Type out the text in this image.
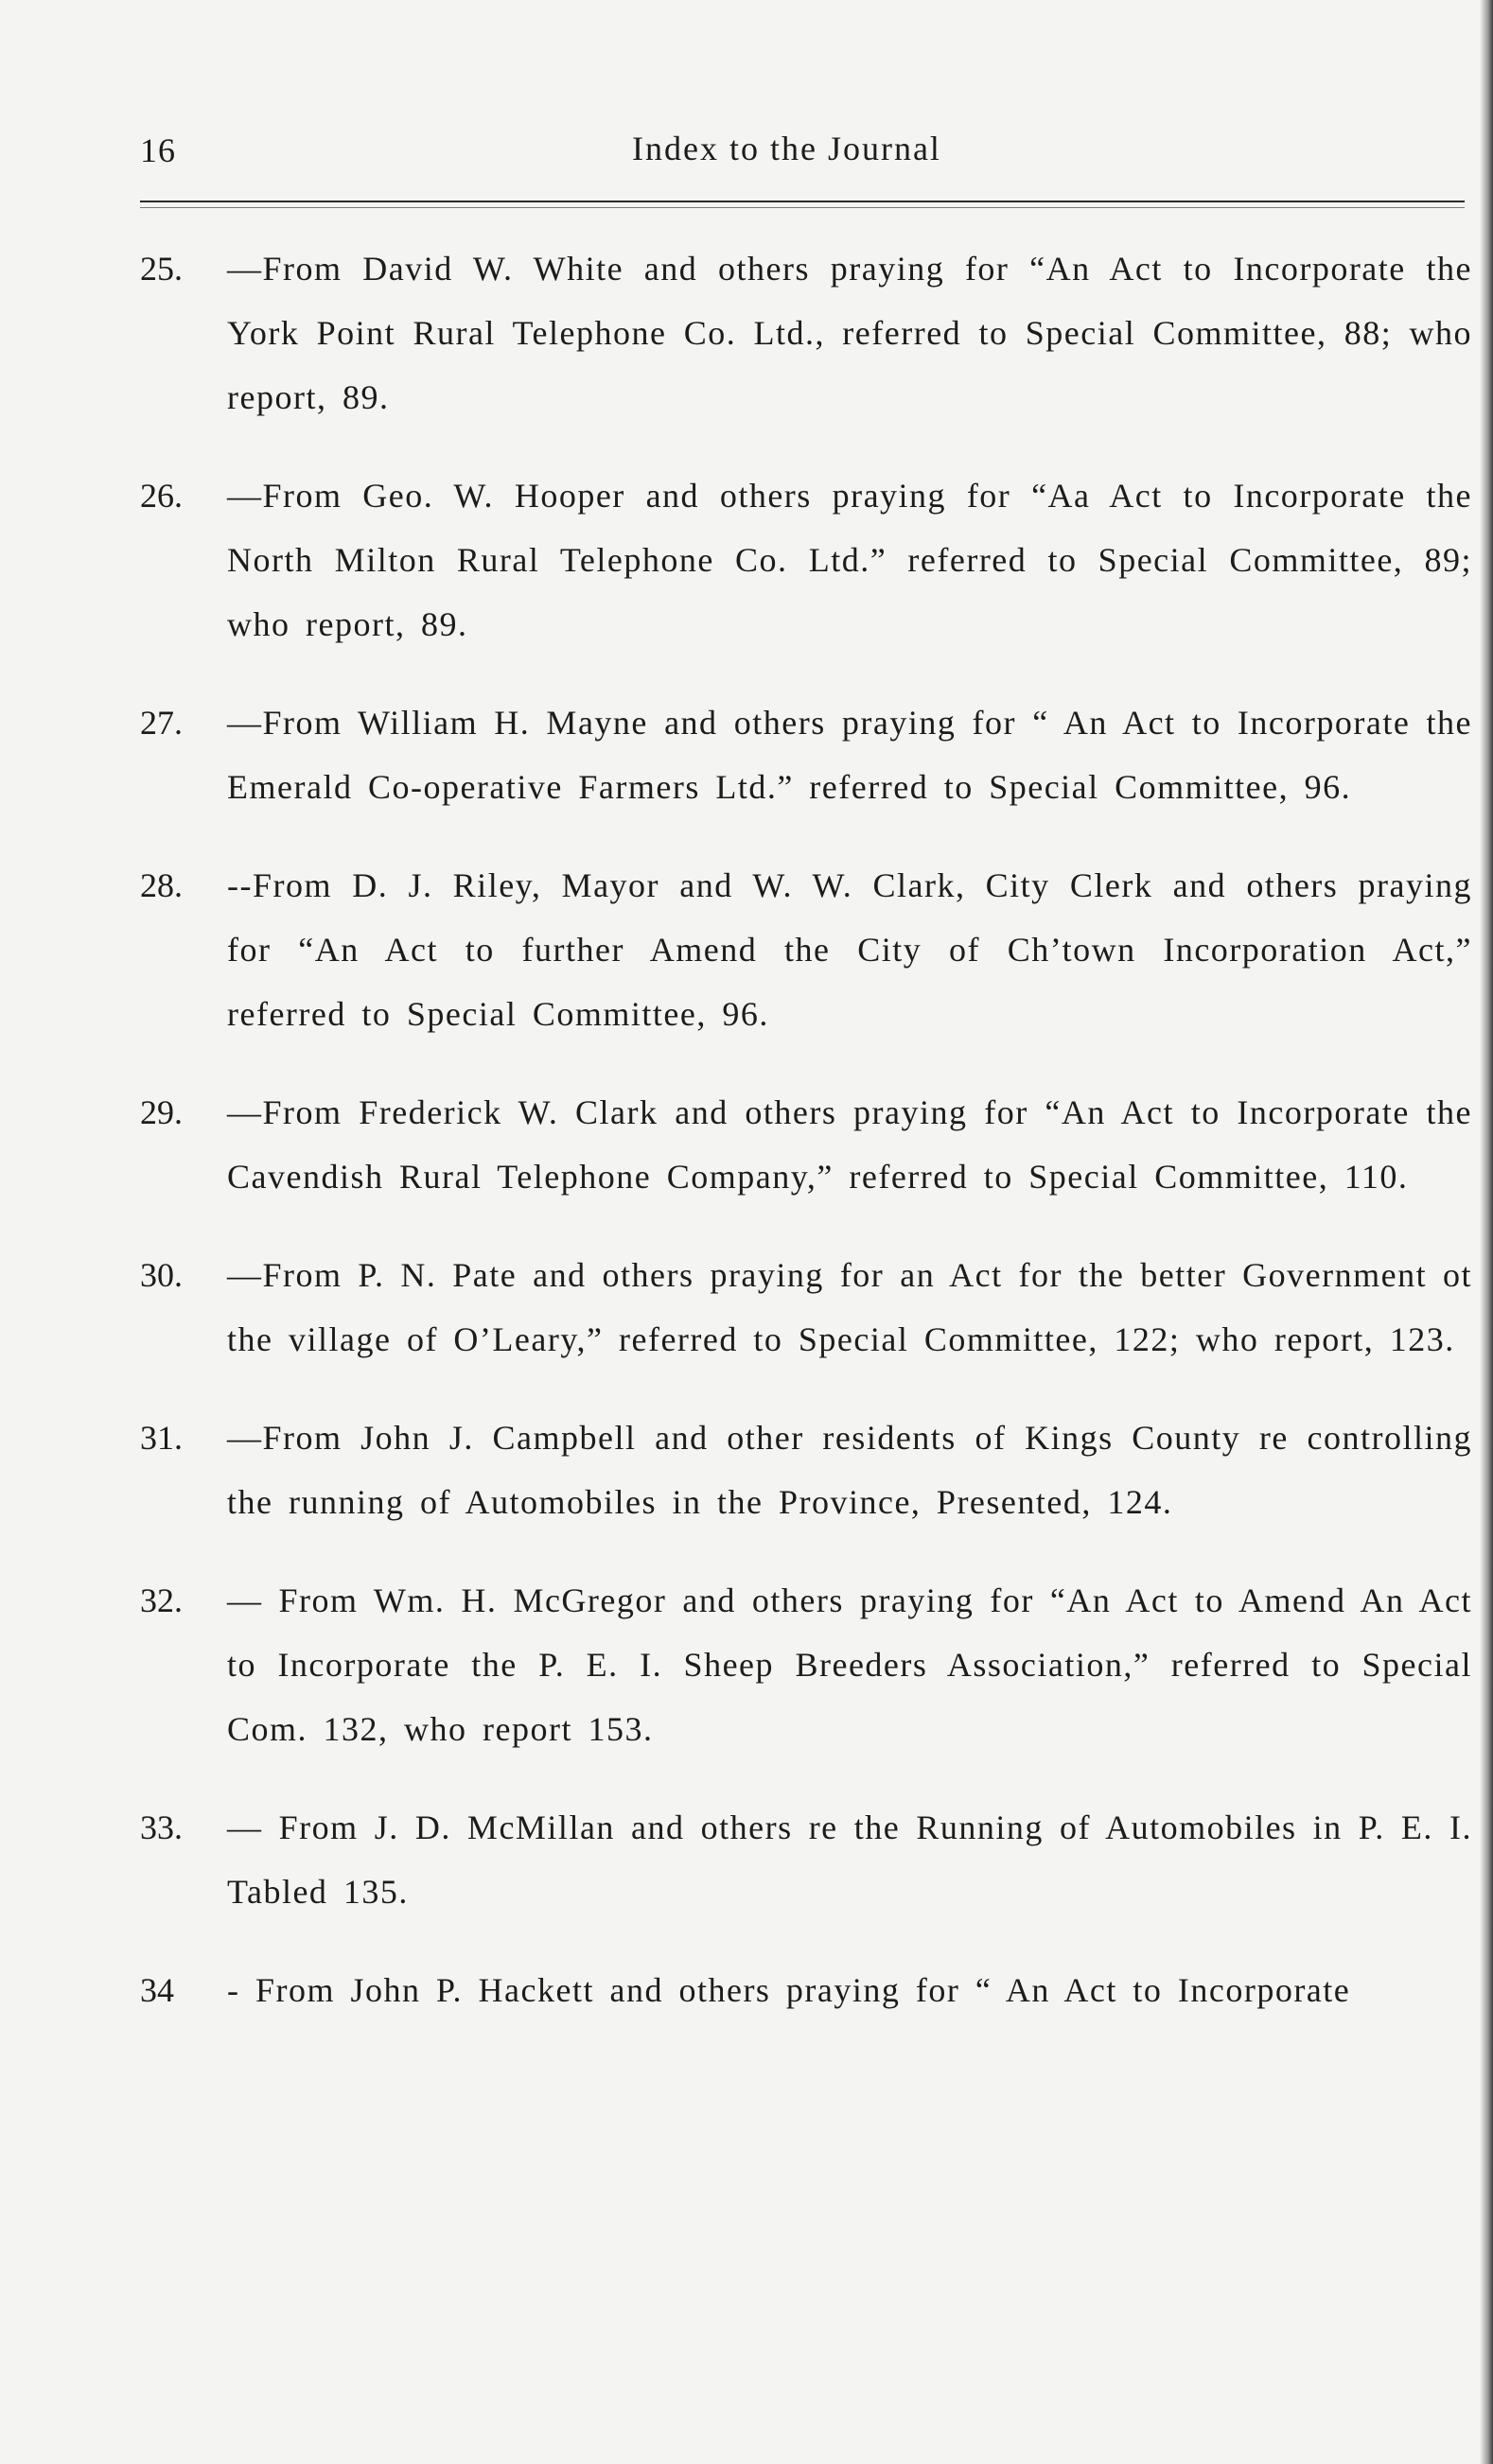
16	Index to the Journal
25.	—From David W. White and others praying for “An Act to Incorporate the York Point Rural Telephone Co. Ltd., referred to Special Committee, 88; who report, 89.
26.	—From Geo. W. Hooper and others praying for “Aa Act to Incorporate the North Milton Rural Telephone Co. Ltd.” referred to Special Committee, 89; who report, 89.
27.	—From William H. Mayne and others praying for “ An Act to Incorporate the Emerald Co-operative Farmers Ltd.” referred to Special Committee, 96.
28.	--From D. J. Riley, Mayor and W. W. Clark, City Clerk and others praying for “An Act to further Amend the City of Ch’town Incorporation Act,” referred to Special Committee, 96.
29.	—From Frederick W. Clark and others praying for “An Act to Incorporate the Cavendish Rural Telephone Company,” referred to Special Committee, 110.
30.	—From P. N. Pate and others praying for an Act for the better Government ot the village of O’Leary,” referred to Special Committee, 122; who report, 123.
31.	—From John J. Campbell and other residents of Kings County re controlling the running of Automobiles in the Province, Presented, 124.
32.	— From Wm. H. McGregor and others praying for “An Act to Amend An Act to Incorporate the P. E. I. Sheep Breeders Association,” referred to Special Com. 132, who report 153.
33.	— From J. D. McMillan and others re the Running of Automobiles in P. E. I. Tabled 135.
34	- From John P. Hackett and others praying for “ An Act to Incorporate
